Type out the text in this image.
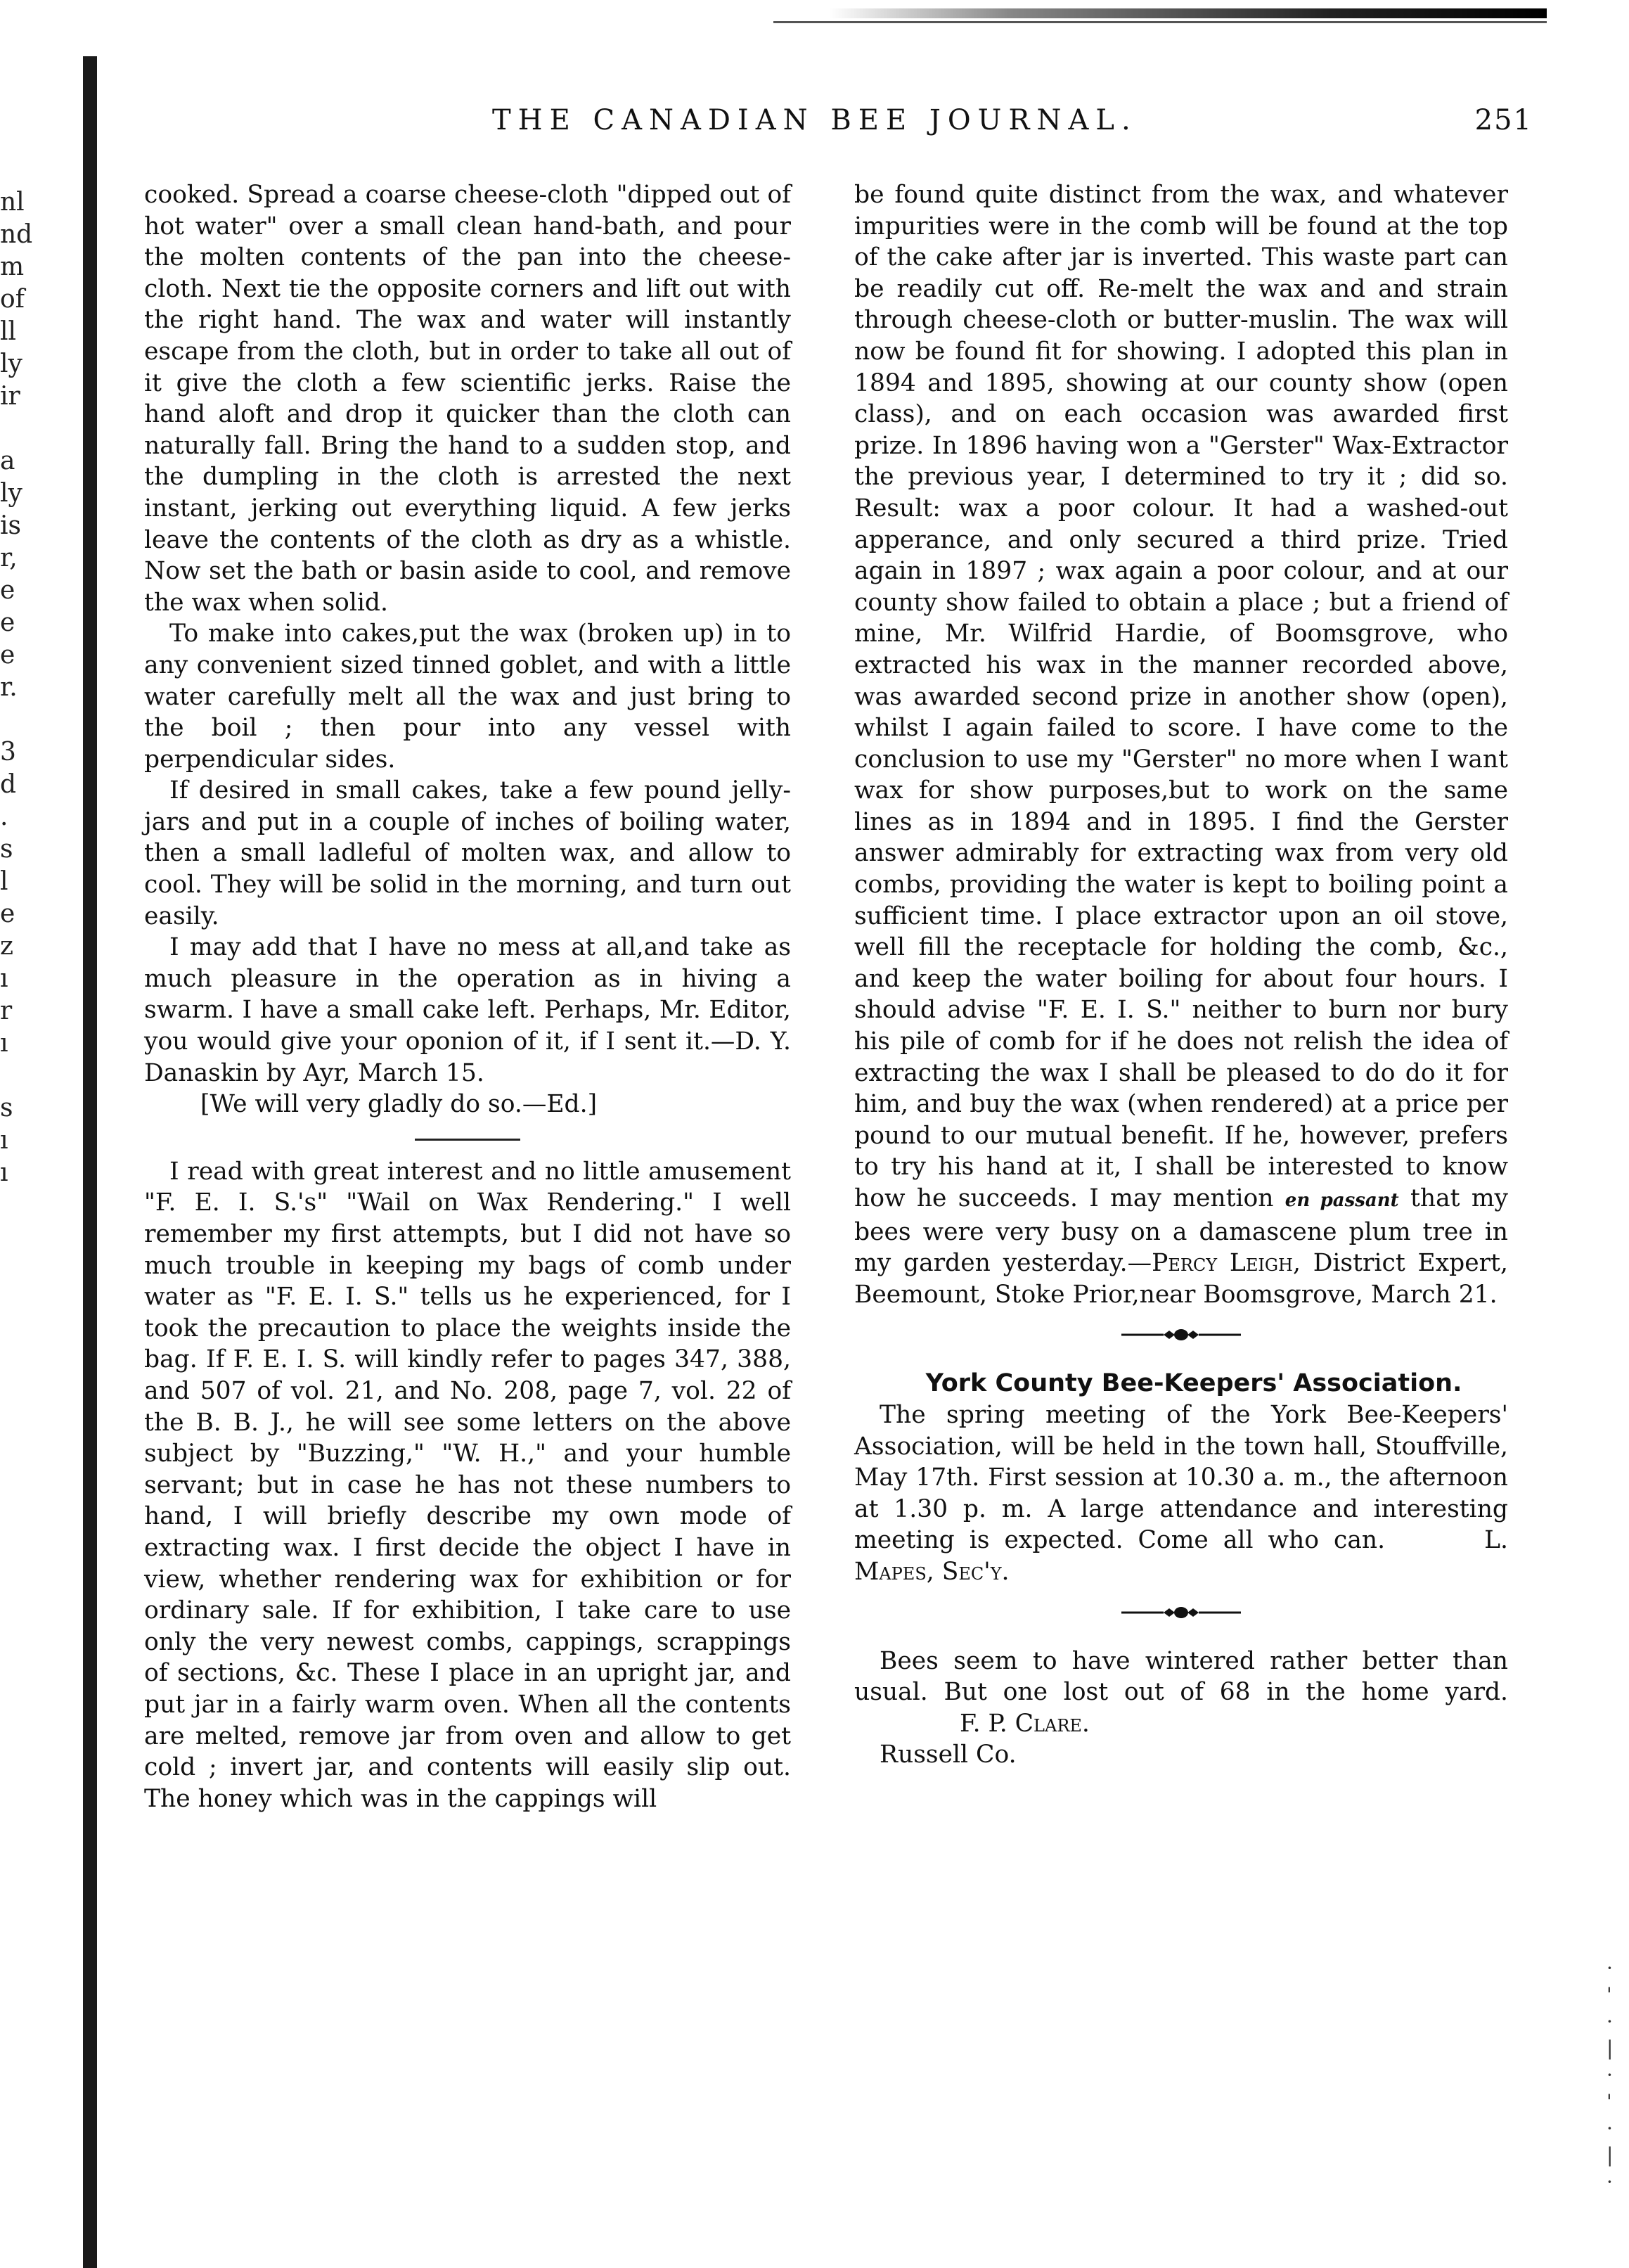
nl
nd
m
of
ll
ly
ir
a
ly
is
r,
e
e
e
r.
3
d
.
s
l
e
z
ı
r
ı
s
ı
ı
THE CANADIAN BEE JOURNAL.	251

cooked. Spread a coarse cheese-cloth "dipped out of hot water" over a small clean hand-bath, and pour the molten contents of the pan into the cheese-cloth. Next tie the opposite corners and lift out with the right hand. The wax and water will instantly escape from the cloth, but in order to take all out of it give the cloth a few scientific jerks. Raise the hand aloft and drop it quicker than the cloth can naturally fall. Bring the hand to a sudden stop, and the dumpling in the cloth is arrested the next instant, jerking out everything liquid. A few jerks leave the contents of the cloth as dry as a whistle. Now set the bath or basin aside to cool, and remove the wax when solid.

To make into cakes,put the wax (broken up) in to any convenient sized tinned goblet, and with a little water carefully melt all the wax and just bring to the boil ; then pour into any vessel with perpendicular sides.

If desired in small cakes, take a few pound jelly-jars and put in a couple of inches of boiling water, then a small ladleful of molten wax, and allow to cool. They will be solid in the morning, and turn out easily.

I may add that I have no mess at all,and take as much pleasure in the operation as in hiving a swarm. I have a small cake left. Perhaps, Mr. Editor, you would give your oponion of it, if I sent it.—D. Y. Danaskin by Ayr, March 15.

[We will very gladly do so.—Ed.]

I read with great interest and no little amusement "F. E. I. S.'s" "Wail on Wax Rendering." I well remember my first attempts, but I did not have so much trouble in keeping my bags of comb under water as "F. E. I. S." tells us he experienced, for I took the precaution to place the weights inside the bag. If F. E. I. S. will kindly refer to pages 347, 388, and 507 of vol. 21, and No. 208, page 7, vol. 22 of the B. B. J., he will see some letters on the above subject by "Buzzing," "W. H.," and your humble servant; but in case he has not these numbers to hand, I will briefly describe my own mode of extracting wax. I first decide the object I have in view, whether rendering wax for exhibition or for ordinary sale. If for exhibition, I take care to use only the very newest combs, cappings, scrappings of sections, &c. These I place in an upright jar, and put jar in a fairly warm oven. When all the contents are melted, remove jar from oven and allow to get cold ; invert jar, and contents will easily slip out. The honey which was in the cappings will

be found quite distinct from the wax, and whatever impurities were in the comb will be found at the top of the cake after jar is inverted. This waste part can be readily cut off. Re-melt the wax and and strain through cheese-cloth or butter-muslin. The wax will now be found fit for showing. I adopted this plan in 1894 and 1895, showing at our county show (open class), and on each occasion was awarded first prize. In 1896 having won a "Gerster" Wax-Extractor the previous year, I determined to try it ; did so. Result: wax a poor colour. It had a washed-out apperance, and only secured a third prize. Tried again in 1897 ; wax again a poor colour, and at our county show failed to obtain a place ; but a friend of mine, Mr. Wilfrid Hardie, of Boomsgrove, who extracted his wax in the manner recorded above, was awarded second prize in another show (open), whilst I again failed to score. I have come to the conclusion to use my "Gerster" no more when I want wax for show purposes,but to work on the same lines as in 1894 and in 1895. I find the Gerster answer admirably for extracting wax from very old combs, providing the water is kept to boiling point a sufficient time. I place extractor upon an oil stove, well fill the receptacle for holding the comb, &c., and keep the water boiling for about four hours. I should advise "F. E. I. S." neither to burn nor bury his pile of comb for if he does not relish the idea of extracting the wax I shall be pleased to do do it for him, and buy the wax (when rendered) at a price per pound to our mutual benefit. If he, however, prefers to try his hand at it, I shall be interested to know how he succeeds. I may mention en passant that my bees were very busy on a damascene plum tree in my garden yesterday.—Percy Leigh, District Expert, Beemount, Stoke Prior,near Boomsgrove, March 21.

York County Bee-Keepers' Association.

The spring meeting of the York Bee-Keepers' Association, will be held in the town hall, Stouffville, May 17th. First session at 10.30 a. m., the afternoon at 1.30 p. m. A large attendance and interesting meeting is expected. Come all who can.	L. Mapes, Sec'y.

Bees seem to have wintered rather better than usual. But one lost out of 68 in the home yard. F. P. Clare.

Russell Co.

·
'
·
|
·
'
·
|
·
